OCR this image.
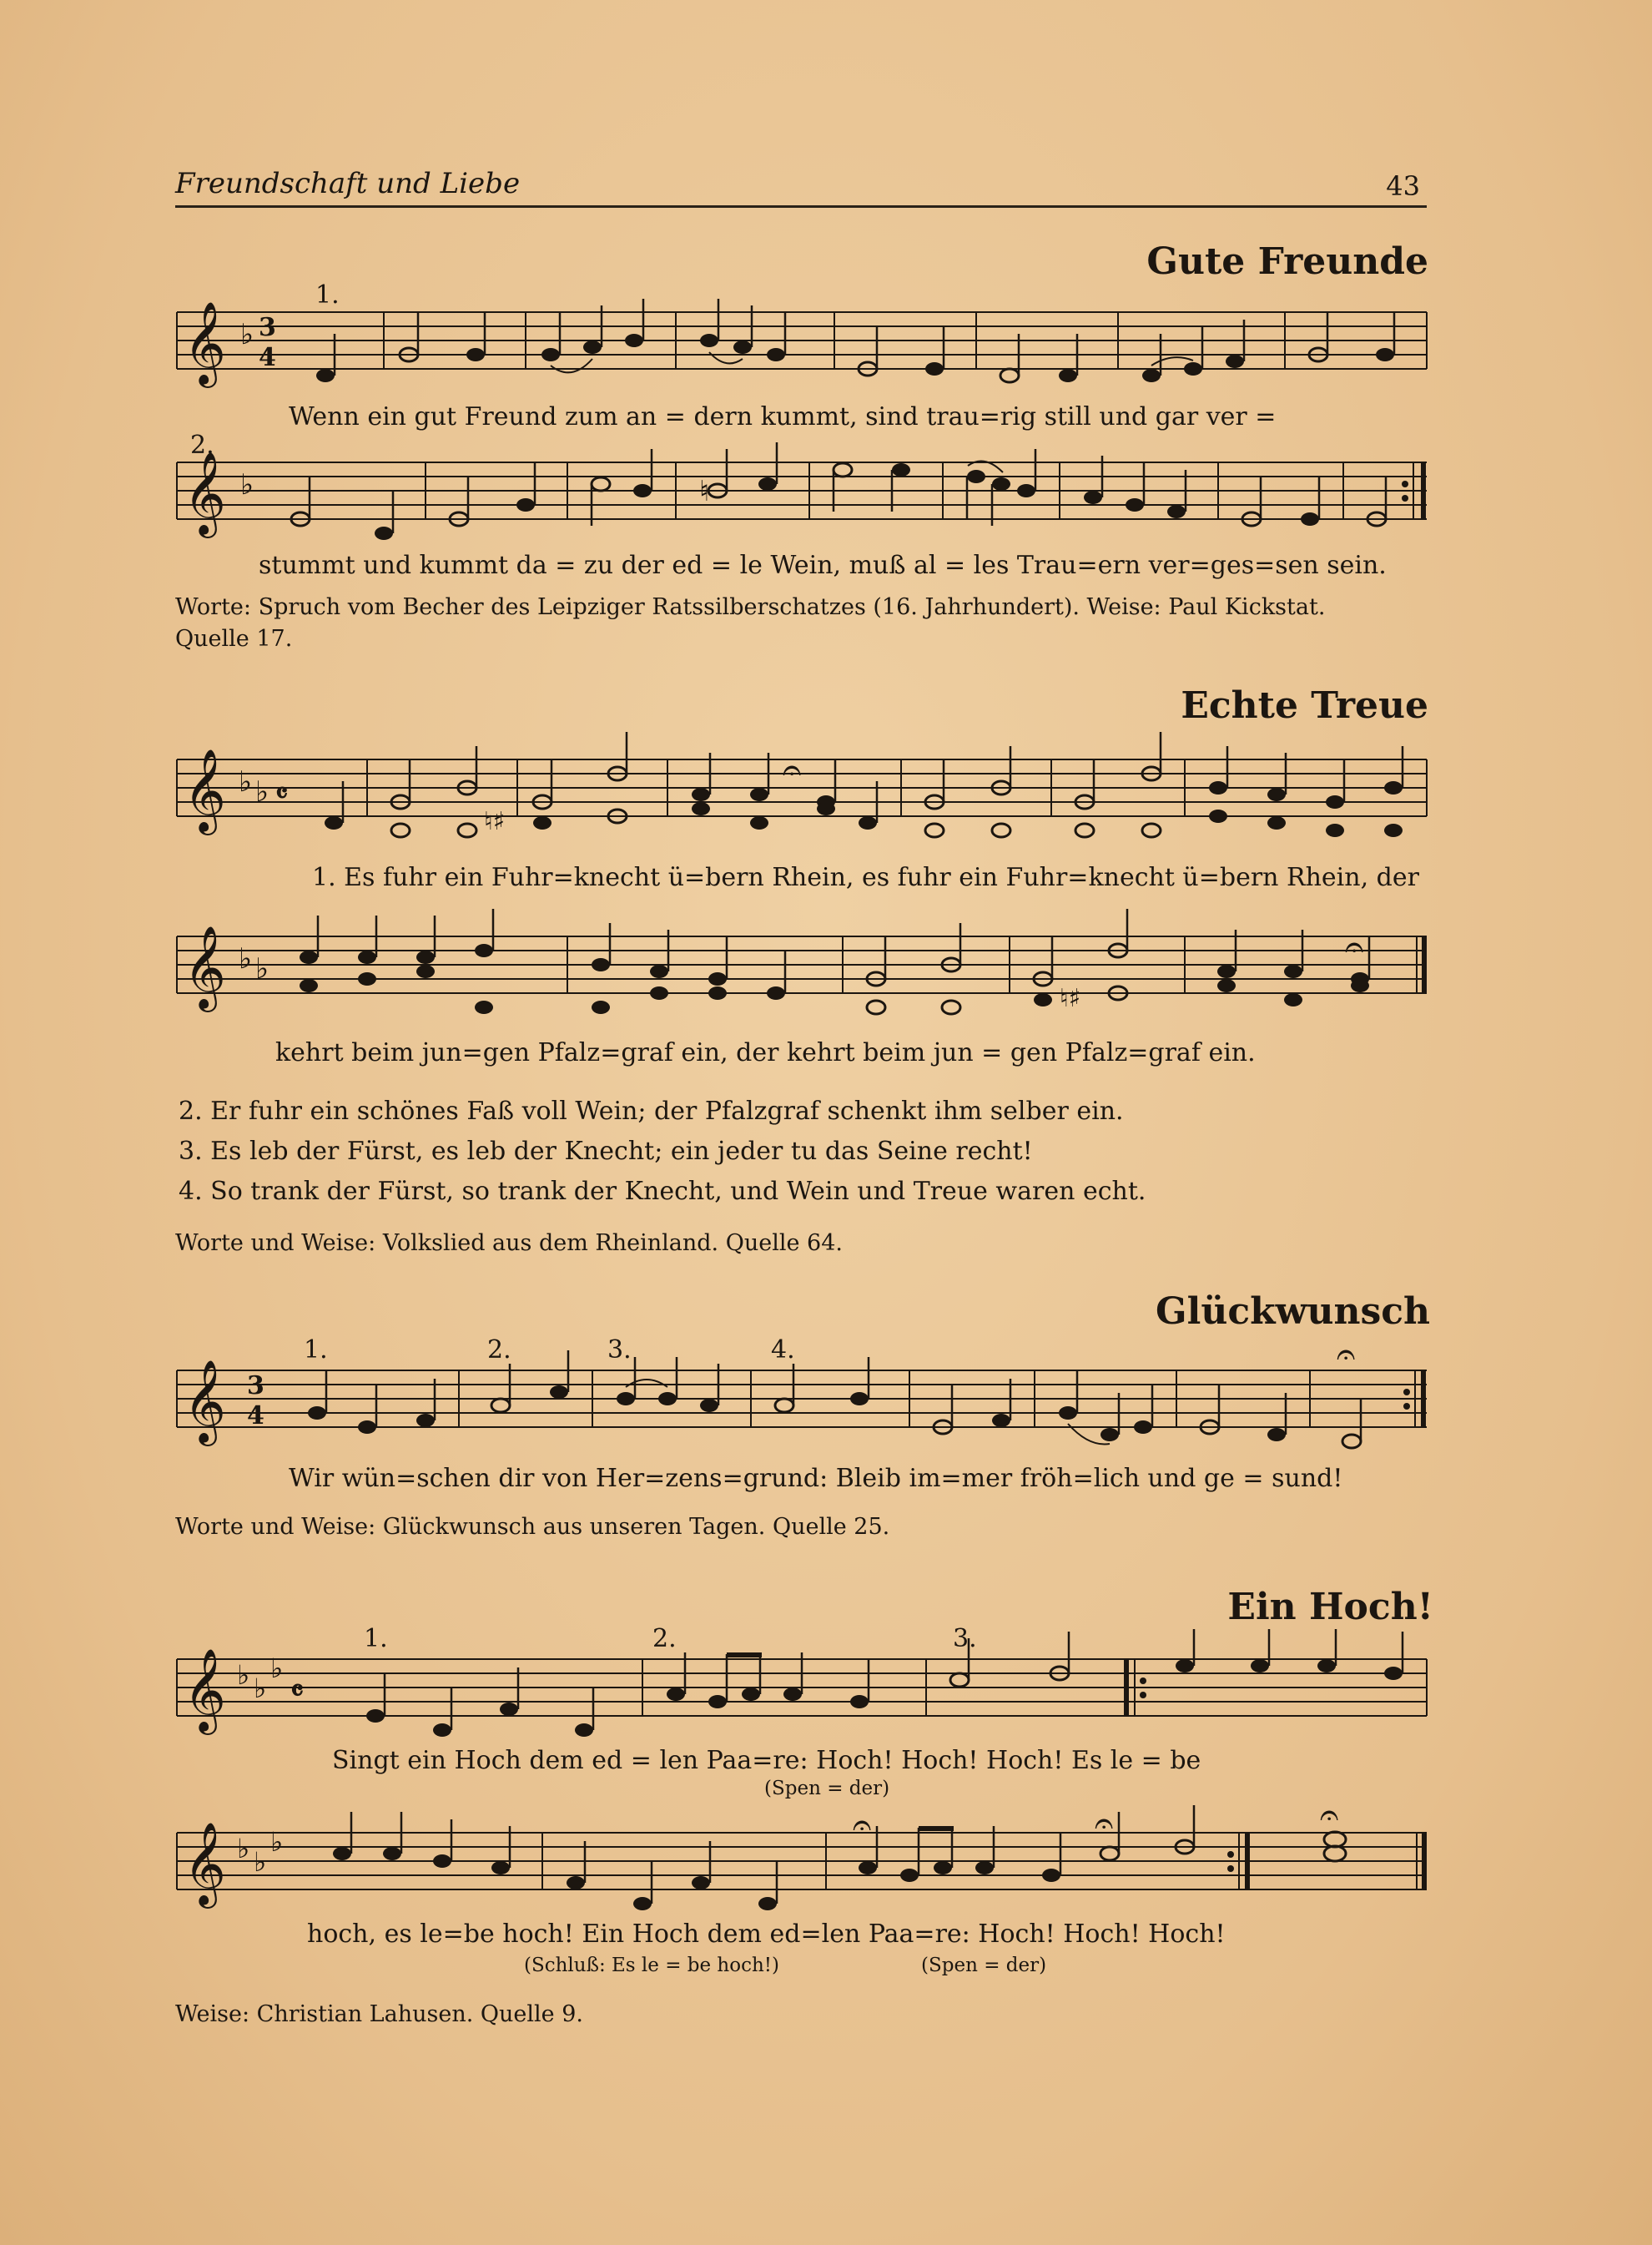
Freundschaft und Liebe	43
Gute Freunde
𝄞 ♭ 3
4
Wenn ein gut Freund zum an = dern kummt, sind trau=rig still und gar ver =
1.
𝄞 ♭	♮
2.
stummt und kummt da = zu der ed = le Wein, muß al = les Trau=ern ver=ges=sen sein.
Worte: Spruch vom Becher des Leipziger Ratssilberschatzes (16. Jahrhundert). Weise: Paul Kickstat.
Quelle 17.
Echte Treue
𝄞 ♭ ♭ 𝄴
♮♯
𝄐
1. Es fuhr ein Fuhr=knecht ü=bern Rhein, es fuhr ein Fuhr=knecht ü=bern Rhein, der
𝄞 ♭ ♭
♮♯
𝄐
kehrt beim jun=gen Pfalz=graf ein, der kehrt beim jun = gen Pfalz=graf ein.
2. Er fuhr ein schönes Faß voll Wein; der Pfalzgraf schenkt ihm selber ein.
3. Es leb der Fürst, es leb der Knecht; ein jeder tu das Seine recht!
4. So trank der Fürst, so trank der Knecht, und Wein und Treue waren echt.
Worte und Weise: Volkslied aus dem Rheinland. Quelle 64.
Glückwunsch
𝄞 3
4
𝄐
1.	2.	3.	4.
Wir wün=schen dir von Her=zens=grund: Bleib im=mer fröh=lich und ge = sund!
Worte und Weise: Glückwunsch aus unseren Tagen. Quelle 25.
Ein Hoch!
𝄞 ♭ ♭
♭
𝄴
1.	2.	3.
Singt ein Hoch dem ed = len Paa=re: Hoch! Hoch! Hoch! Es le = be
(Spen = der)
𝄞 ♭ ♭
♭	𝄐	𝄐	𝄐
hoch, es le=be hoch! Ein Hoch dem ed=len Paa=re: Hoch! Hoch! Hoch!
(Schluß: Es le = be hoch!)	(Spen = der)
Weise: Christian Lahusen. Quelle 9.
